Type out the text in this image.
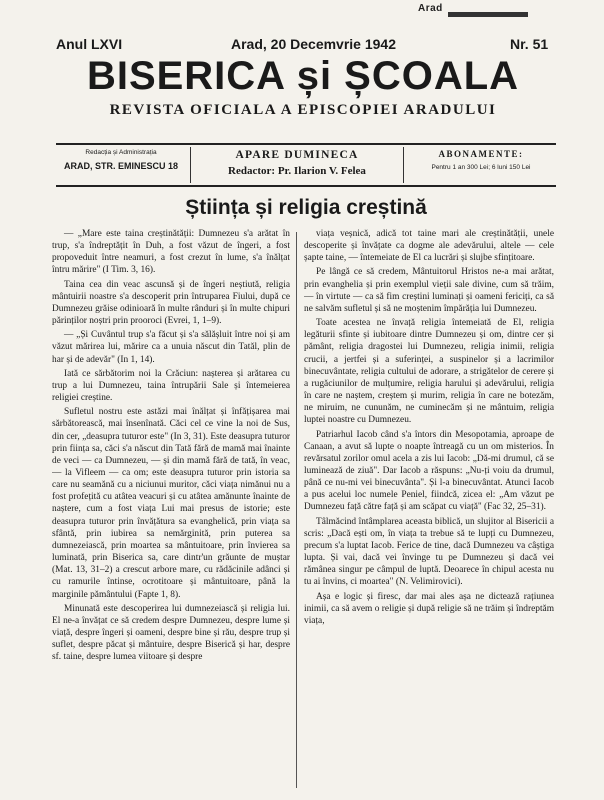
Arad
Anul LXVI	Arad, 20 Decemvrie 1942	Nr. 51
BISERICA și ȘCOALA
REVISTA OFICIALA A EPISCOPIEI ARADULUI
Redacția și Administrația
ARAD, STR. EMINESCU 18
APARE DUMINECA
Redactor: Pr. Ilarion V. Felea
ABONAMENTE:
Pentru 1 an 300 Lei; 6 luni 150 Lei
Știința și religia creștină

— „Mare este taina creștinătății: Dumnezeu s'a arătat în trup, s'a îndreptățit în Duh, a fost văzut de îngeri, a fost propoveduit între neamuri, a fost crezut în lume, s'a înălțat întru mărire" (I Tim. 3, 16).

Taina cea din veac ascunsă și de îngeri neștiută, religia mântuirii noastre s'a descoperit prin întruparea Fiului, după ce Dumnezeu grăise odinioară în multe rânduri și în multe chipuri părinților noștri prin prooroci (Evrei, 1, 1–9).

— „Și Cuvântul trup s'a făcut și s'a sălășluit între noi și am văzut mărirea lui, mărire ca a unuia născut din Tatăl, plin de har și de adevăr" (In 1, 14).

Iată ce sărbătorim noi la Crăciun: nașterea și arătarea cu trup a lui Dumnezeu, taina întrupării Sale și întemeierea religiei creștine.

Sufletul nostru este astăzi mai înălțat și înfățișarea mai sărbătorească, mai însenînată. Căci cel ce vine la noi de Sus, din cer, „deasupra tuturor este" (In 3, 31). Este deasupra tuturor prin ființa sa, căci s'a născut din Tată fără de mamă mai înainte de veci — ca Dumnezeu, — și din mamă fără de tată, în veac, — la Vifleem — ca om; este deasupra tuturor prin istoria sa care nu seamănă cu a niciunui muritor, căci viața nimănui nu a fost profețită cu atâtea veacuri și cu atâtea amănunte înainte de naștere, cum a fost viața Lui mai presus de istorie; este deasupra tuturor prin învățătura sa evanghelică, prin viața sa sfântă, prin iubirea sa nemărginită, prin puterea sa dumnezeiască, prin moartea sa mântuitoare, prin învierea sa luminată, prin Biserica sa, care dintr'un grăunte de muștar (Mat. 13, 31–2) a crescut arbore mare, cu rădăcinile adânci și cu ramurile întinse, ocrotitoare și mântuitoare, până la marginile pământului (Fapte 1, 8).

Minunată este descoperirea lui dumnezeiască și religia lui. El ne-a învățat ce să credem despre Dumnezeu, despre lume și viață, despre îngeri și oameni, despre bine și rău, despre trup și suflet, despre păcat și mântuire, despre Biserică și har, despre sf. taine, despre lumea viitoare și despre

viața veșnică, adică tot taine mari ale creștinătății, unele descoperite și învățate ca dogme ale adevărului, altele — cele șapte taine, — întemeiate de El ca lucrări și slujbe sfințitoare.

Pe lângă ce să credem, Mântuitorul Hristos ne-a mai arătat, prin evanghelia și prin exemplul vieții sale divine, cum să trăim, — în virtute — ca să fim creștini luminați și oameni fericiți, ca să ne salvăm sufletul și să ne moștenim împărăția lui Dumnezeu.

Toate acestea ne învață religia întemeiată de El, religia legăturii sfinte și iubitoare dintre Dumnezeu și om, dintre cer și pământ, religia dragostei lui Dumnezeu, religia inimii, religia crucii, a jertfei și a suferinței, a suspinelor și a lacrimilor binecuvântate, religia cultului de adorare, a strigătelor de cerere și a rugăciunilor de mulțumire, religia harului și adevărului, religia în care ne naștem, creștem și murim, religia în care ne botezăm, ne miruim, ne cununăm, ne cuminecăm și ne mântuim, religia luptei noastre cu Dumnezeu.

Patriarhul Iacob când s'a întors din Mesopotamia, aproape de Canaan, a avut să lupte o noapte întreagă cu un om misterios. În revărsatul zorilor omul acela a zis lui Iacob: „Dă-mi drumul, că se luminează de ziuă". Dar Iacob a răspuns: „Nu-ți voiu da drumul, până ce nu-mi vei binecuvânta". Și l-a binecuvântat. Atunci Iacob a pus acelui loc numele Peniel, fiindcă, zicea el: „Am văzut pe Dumnezeu față către față și am scăpat cu viață" (Fac 32, 25–31).

Tâlmăcind întâmplarea aceasta biblică, un slujitor al Bisericii a scris: „Dacă ești om, în viața ta trebue să te lupți cu Dumnezeu, precum s'a luptat Iacob. Ferice de tine, dacă Dumnezeu va câștiga lupta. Și vai, dacă vei învinge tu pe Dumnezeu și dacă vei rămânea singur pe câmpul de luptă. Deoarece în chipul acesta nu tu ai învins, ci moartea" (N. Velimirovici).

Așa e logic și firesc, dar mai ales așa ne dictează rațiunea inimii, ca să avem o religie și după religie să ne trăim și îndreptăm viața,
